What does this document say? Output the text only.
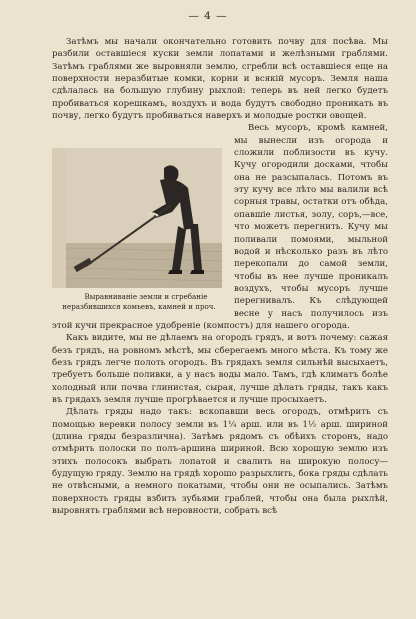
— 4 —

Затѣмъ мы начали окончательно готовить почву для посѣва. Мы разбили оставшіеся куски земли лопатами и желѣзными граблями. Затѣмъ граблями же выровняли землю, сгребли всѣ оставшіеся еще на поверхности неразбитые комки, корни и всякій мусоръ. Земля наша сдѣлалась на большую глубину рыхлой: теперь въ ней легко будетъ пробиваться корешкамъ, воздухъ и вода будутъ свободно проникать въ почву, легко будутъ пробиваться наверхъ и молодые ростки овощей.

Выравниваніе земли и сгребаніе неразбившихся комьевъ, камней и проч.
Весь мусоръ, кромѣ камней, мы вынесли изъ огорода и сложили поблизости въ кучу. Кучу огородили досками, чтобы она не разсыпалась. Потомъ въ эту кучу все лѣто мы валили всѣ сорныя травы, остатки отъ обѣда, опавшіе листья, золу, соръ,—все, что можетъ перегнить. Кучу мы поливали помоями, мыльной водой и нѣсколько разъ въ лѣто перекопали до самой земли, чтобы въ нее лучше проникалъ воздухъ, чтобы мусоръ лучше перегнивалъ. Къ слѣдующей весне у насъ получилось изъ этой кучи прекрасное удобреніе (компостъ) для нашего огорода.

Какъ видите, мы не дѣлаемъ на огородъ грядъ, и вотъ почему: сажая безъ грядъ, на ровномъ мѣстѣ, мы сберегаемъ много мѣста. Къ тому же безъ грядъ легче полоть огородъ. Въ грядахъ земля сильнѣй высыхаетъ, требуетъ больше поливки, а у насъ воды мало. Тамъ, гдѣ климатъ болѣе холодный или почва глинистая, сырая, лучше дѣлать гряды, такъ какъ въ грядахъ земля лучше прогрѣвается и лучше просыхаетъ.

Дѣлать гряды надо такъ: вскопавши весь огородъ, отмѣрить съ помощью веревки полосу земли въ 1¼ арш. или въ 1½ арш. шириной (длина гряды безразлична). Затѣмъ рядомъ съ обѣихъ сторонъ, надо отмѣрить полоски по полъ-аршина шириной. Всю хорошую землю изъ этихъ полосокъ выбрать лопатой и свалить на широкую полосу—будущую гряду. Землю на грядѣ хорошо разрыхлить, бока гряды сдѣлать не отвѣсными, а немного покатыми, чтобы они не осыпались. Затѣмъ поверхность гряды взбить зубьями граблей, чтобы она была рыхлѣй, выровнять граблями всѣ неровности, собрать всѣ
